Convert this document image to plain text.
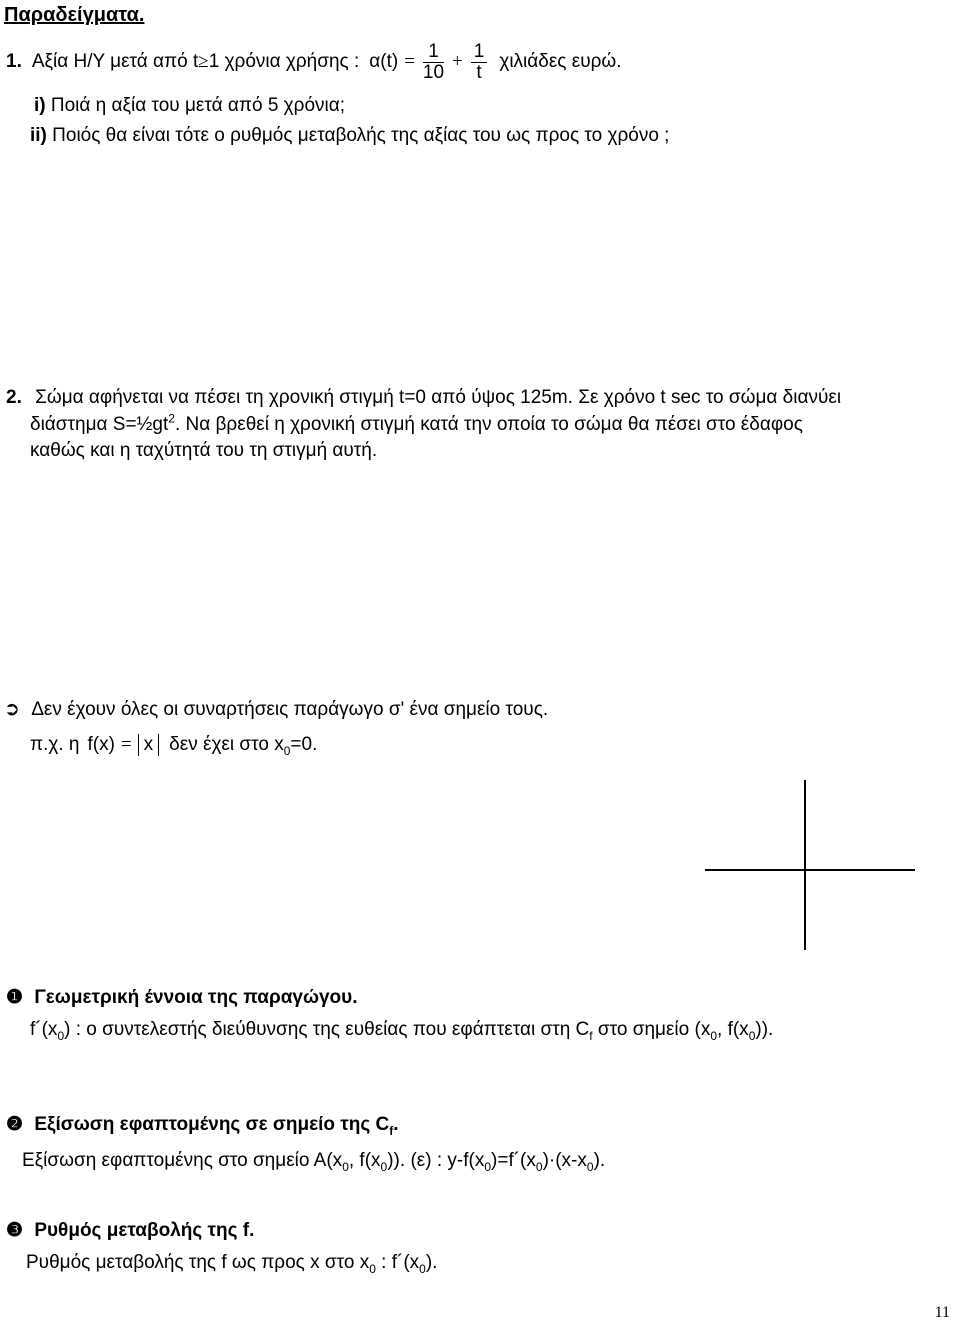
Παραδείγματα.
1. Αξία Η/Υ μετά από t ≥ 1 χρόνια χρήσης : $\alpha(t) = \frac{1}{10} + \frac{1}{t}$ χιλιάδες ευρώ.
i) Ποιά η αξία του μετά από 5 χρόνια;
ii) Ποιός θα είναι τότε ο ρυθμός μεταβολής της αξίας του ως προς το χρόνο ;
2. Σώμα αφήνεται να πέσει τη χρονική στιγμή t=0 από ύψος 125m. Σε χρόνο t sec το σώμα διανύει
διάστημα $S=\frac{1}{2}gt^2$. Να βρεθεί η χρονική στιγμή κατά την οποία το σώμα θα πέσει στο έδαφος
καθώς και η ταχύτητά του τη στιγμή αυτή.
➲ Δεν έχουν όλες οι συναρτήσεις παράγωγο σ' ένα σημείο τους.
π.χ. η f(x) = x δεν έχει στο $x_0=0$.
❶ Γεωμετρική έννοια της παραγώγου.
$f´(x_0)$ : ο συντελεστής διεύθυνσης της ευθείας που εφάπτεται στη $C_f$ στο σημείο ($x_0$, $f(x_0)$).
❷ Εξίσωση εφαπτομένης σε σημείο της $C_f$.
Εξίσωση εφαπτομένης στο σημείο $A(x_0$, $f(x_0)$). (ε) : $y-f(x_0)=f´(x_0)\cdot(x-x_0)$.
❸ Ρυθμός μεταβολής της f.
Ρυθμός μεταβολής της f ως προς x στο $x_0$ : $f´(x_0)$.
11
